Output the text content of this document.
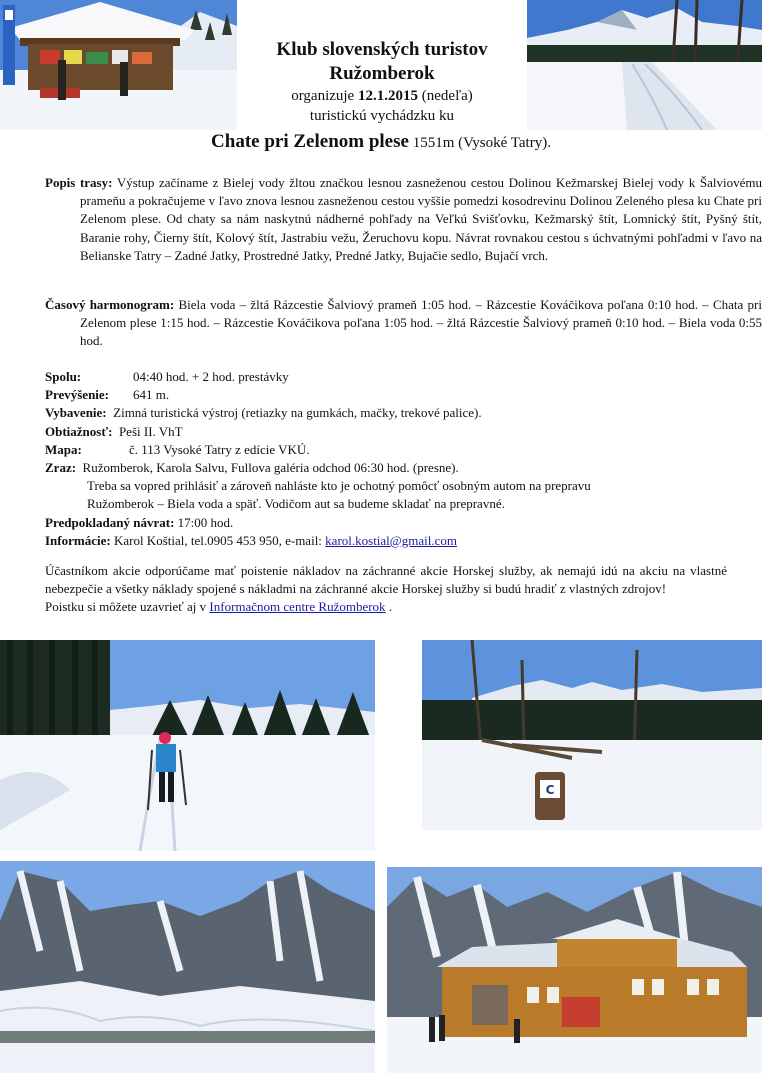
Klub slovenských turistov
Ružomberok
organizuje 12.1.2015 (nedeľa)
turistickú vychádzku ku
Chate pri Zelenom plese 1551m (Vysoké Tatry).
Popis trasy: Výstup začíname z Bielej vody žltou značkou lesnou zasneženou cestou Dolinou Kežmarskej Bielej vody k Šalviovému prameňu a pokračujeme v ľavo znova lesnou zasneženou cestou vyššie pomedzi kosodrevinu Dolinou Zeleného plesa ku Chate pri Zelenom plese. Od chaty sa nám naskytnú nádherné pohľady na Veľkú Svišťovku, Kežmarský štít, Lomnický štít, Pyšný štít, Baranie rohy, Čierny štít, Kolový štít, Jastrabiu vežu, Žeruchovu kopu. Návrat rovnakou cestou s úchvatnými pohľadmi v ľavo na Belianske Tatry – Zadné Jatky, Prostredné Jatky, Predné Jatky, Bujačie sedlo, Bujačí vrch.
Časový harmonogram: Biela voda – žltá Rázcestie Šalviový prameň 1:05 hod. – Rázcestie Kováčikova poľana 0:10 hod. – Chata pri Zelenom plese 1:15 hod. – Rázcestie Kováčikova poľana 1:05 hod. – žltá Rázcestie Šalviový prameň 0:10 hod. – Biela voda 0:55 hod.
Spolu:	04:40 hod. + 2 hod. prestávky
Prevýšenie: 641 m.
Vybavenie: Zimná turistická výstroj (retiazky na gumkách, mačky, trekové palice).
Obtiažnosť: Peši II. VhT
Mapa:	č. 113 Vysoké Tatry z edície VKÚ.
Zraz: Ružomberok, Karola Salvu, Fullova galéria odchod 06:30 hod. (presne).
Treba sa vopred prihlásiť a zároveň nahláste kto je ochotný pomôcť osobným autom na prepravu
Ružomberok – Biela voda a späť. Vodičom aut sa budeme skladať na prepravné.
Predpokladaný návrat: 17:00 hod.
Informácie: Karol Koštial, tel.0905 453 950, e-mail: karol.kostial@gmail.com
Účastníkom akcie odporúčame mať poistenie nákladov na záchranné akcie Horskej služby, ak nemajú idú na akciu na vlastné nebezpečie a všetky náklady spojené s nákladmi na záchranné akcie Horskej služby si budú hradiť z vlastných zdrojov!
Poistku si môžete uzavrieť aj v Informačnom centre Ružomberok .
C
